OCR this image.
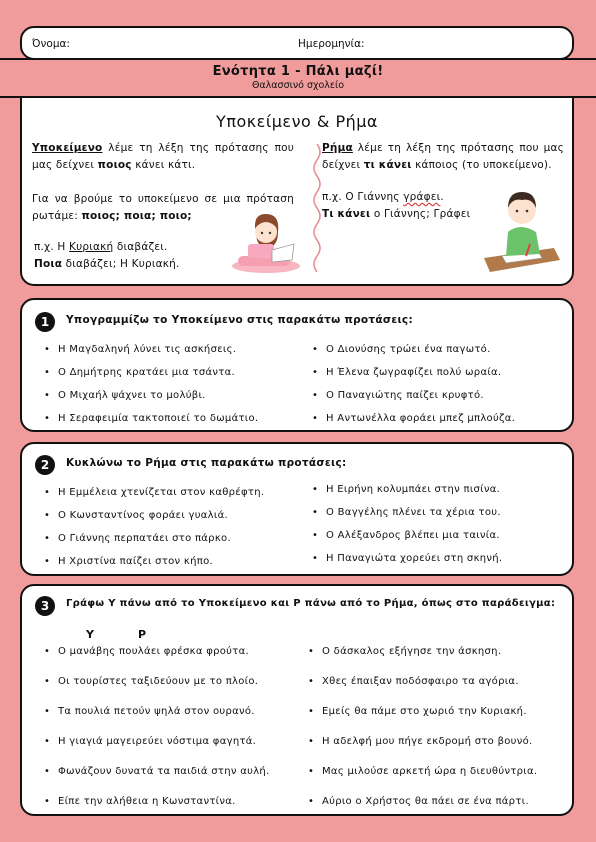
Όνομα:	Ημερομηνία:
Υποκείμενο & Ρήμα

Υποκείμενο λέμε τη λέξη της πρότασης που μας δείχνει ποιος κάνει κάτι.

Για να βρούμε το υποκείμενο σε μια πρόταση ρωτάμε: ποιος; ποια; ποιο;

π.χ. Η Κυριακή διαβάζει.

Ποια διαβάζει; Η Κυριακή.

Ρήμα λέμε τη λέξη της πρότασης που μας δείχνει τι κάνει κάποιος (το υποκείμενο).

π.χ. Ο Γιάννης γράφει.

Τι κάνει ο Γιάννης; Γράφει

Ενότητα 1 - Πάλι μαζί!
Θαλασσινό σχολείο
1	Υπογραμμίζω το Υποκείμενο στις παρακάτω προτάσεις:
• Η Μαγδαληνή λύνει τις ασκήσεις.
• Ο Δημήτρης κρατάει μια τσάντα.
• Ο Μιχαήλ ψάχνει το μολύβι.
• Η Σεραφειμία τακτοποιεί το δωμάτιο.
• Ο Διονύσης τρώει ένα παγωτό.
• Η Έλενα ζωγραφίζει πολύ ωραία.
• Ο Παναγιώτης παίζει κρυφτό.
• Η Αντωνέλλα φοράει μπεζ μπλούζα.
2	Κυκλώνω το Ρήμα στις παρακάτω προτάσεις:
• Η Εμμέλεια χτενίζεται στον καθρέφτη.
• Ο Κωνσταντίνος φοράει γυαλιά.
• Ο Γιάννης περπατάει στο πάρκο.
• Η Χριστίνα παίζει στον κήπο.
• Η Ειρήνη κολυμπάει στην πισίνα.
• Ο Βαγγέλης πλένει τα χέρια του.
• Ο Αλέξανδρος βλέπει μια ταινία.
• Η Παναγιώτα χορεύει στη σκηνή.
3	Γράφω Υ πάνω από το Υποκείμενο και Ρ πάνω από το Ρήμα, όπως στο παράδειγμα:
Υ	Ρ
• Ο μανάβης πουλάει φρέσκα φρούτα.
• Οι τουρίστες ταξιδεύουν με το πλοίο.
• Τα πουλιά πετούν ψηλά στον ουρανό.
• Η γιαγιά μαγειρεύει νόστιμα φαγητά.
• Φωνάζουν δυνατά τα παιδιά στην αυλή.
• Είπε την αλήθεια η Κωνσταντίνα.
• Ο δάσκαλος εξήγησε την άσκηση.
• Χθες έπαιξαν ποδόσφαιρο τα αγόρια.
• Εμείς θα πάμε στο χωριό την Κυριακή.
• Η αδελφή μου πήγε εκδρομή στο βουνό.
• Μας μιλούσε αρκετή ώρα η διευθύντρια.
• Αύριο ο Χρήστος θα πάει σε ένα πάρτι.
